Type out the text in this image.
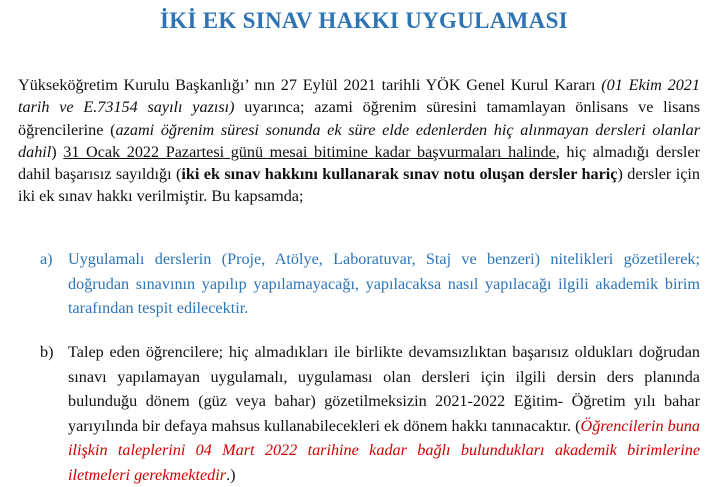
İKİ EK SINAV HAKKI UYGULAMASI
Yükseköğretim Kurulu Başkanlığı’ nın 27 Eylül 2021 tarihli YÖK Genel Kurul Kararı (01 Ekim 2021 tarih ve E.73154 sayılı yazısı) uyarınca; azami öğrenim süresini tamamlayan önlisans ve lisans öğrencilerine (azami öğrenim süresi sonunda ek süre elde edenlerden hiç alınmayan dersleri olanlar dahil) 31 Ocak 2022 Pazartesi günü mesai bitimine kadar başvurmaları halinde, hiç almadığı dersler dahil başarısız sayıldığı (iki ek sınav hakkını kullanarak sınav notu oluşan dersler hariç) dersler için iki ek sınav hakkı verilmiştir. Bu kapsamda;
a) Uygulamalı derslerin (Proje, Atölye, Laboratuvar, Staj ve benzeri) nitelikleri gözetilerek; doğrudan sınavının yapılıp yapılamayacağı, yapılacaksa nasıl yapılacağı ilgili akademik birim tarafından tespit edilecektir.
b) Talep eden öğrencilere; hiç almadıkları ile birlikte devamsızlıktan başarısız oldukları doğrudan sınavı yapılamayan uygulamalı, uygulaması olan dersleri için ilgili dersin ders planında bulunduğu dönem (güz veya bahar) gözetilmeksizin 2021-2022 Eğitim- Öğretim yılı bahar yarıyılında bir defaya mahsus kullanabilecekleri ek dönem hakkı tanınacaktır. (Öğrencilerin buna ilişkin taleplerini 04 Mart 2022 tarihine kadar bağlı bulundukları akademik birimlerine iletmeleri gerekmektedir.)
